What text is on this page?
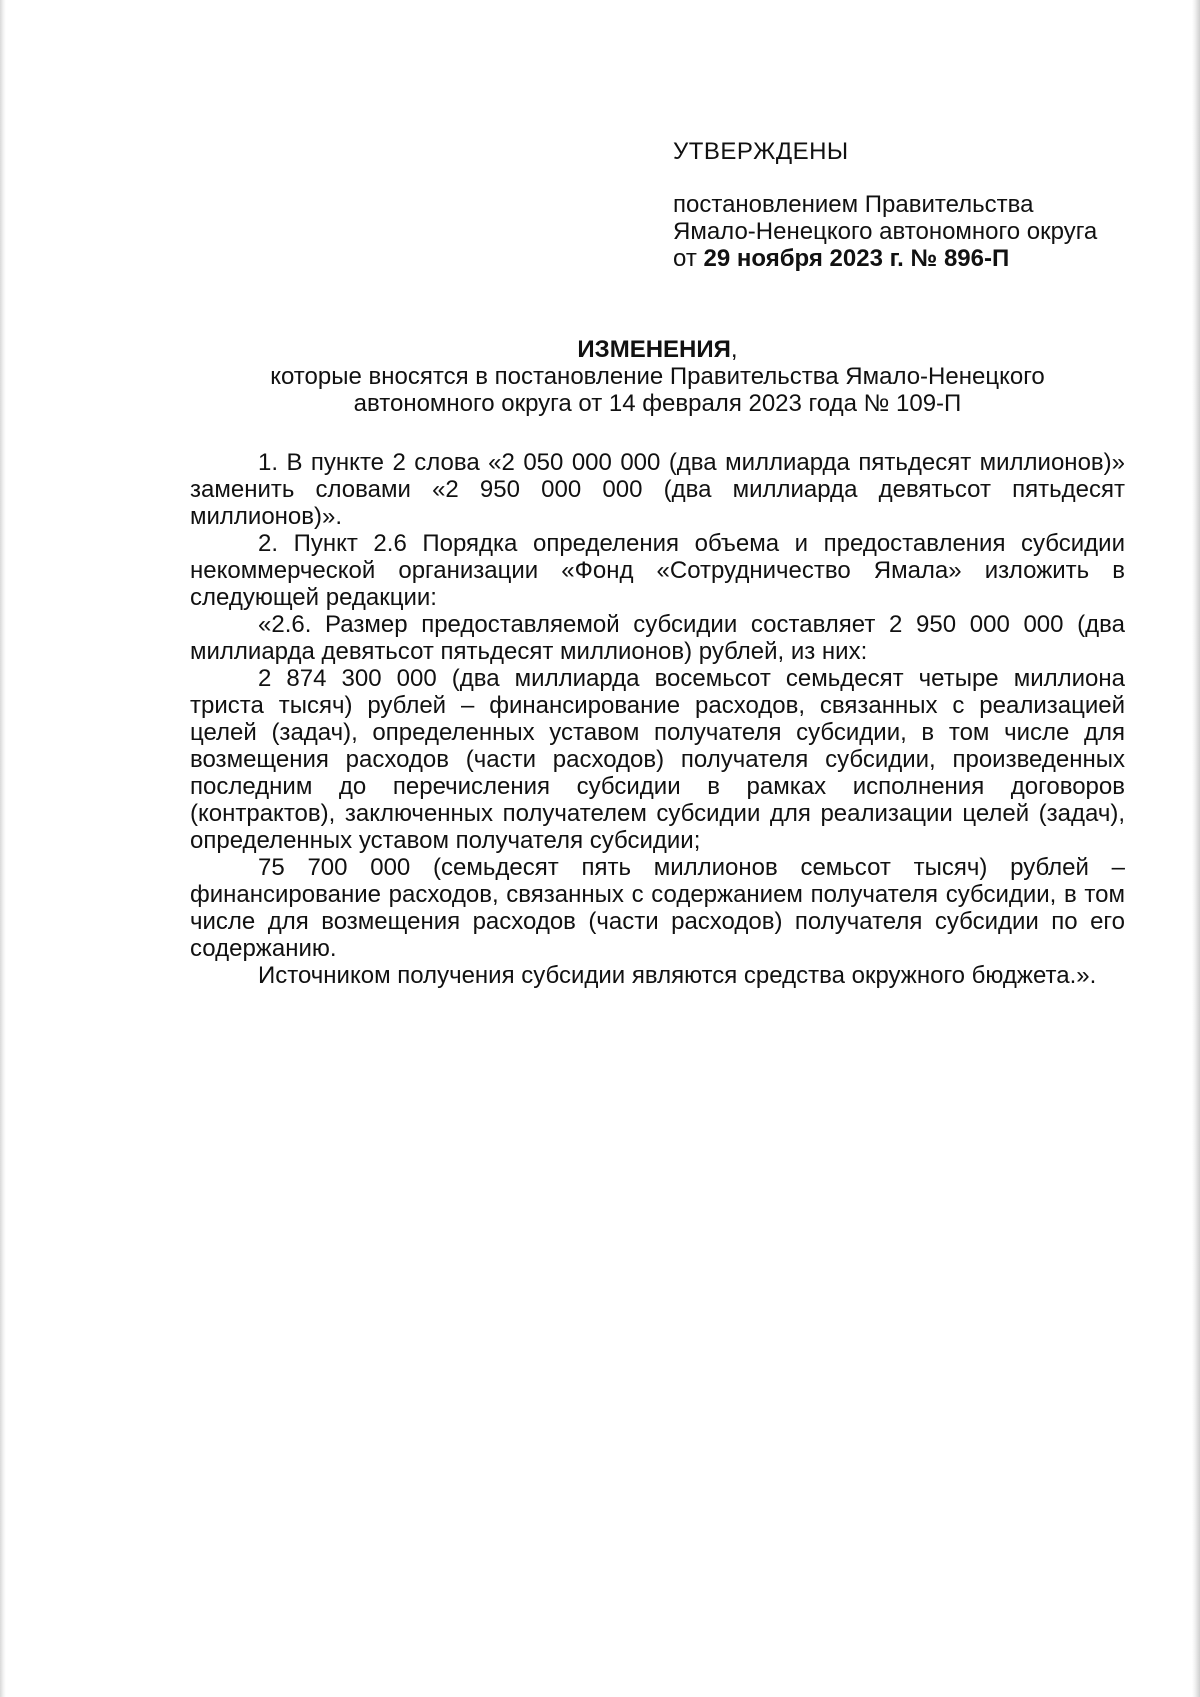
УТВЕРЖДЕНЫ
постановлением Правительства
Ямало-Ненецкого автономного округа
от 29 ноября 2023 г. № 896-П
ИЗМЕНЕНИЯ,
которые вносятся в постановление Правительства Ямало-Ненецкого
автономного округа от 14 февраля 2023 года № 109-П

1. В пункте 2 слова «2 050 000 000 (два миллиарда пятьдесят миллионов)» заменить словами «2 950 000 000 (два миллиарда девятьсот пятьдесят миллионов)».

2. Пункт 2.6 Порядка определения объема и предоставления субсидии некоммерческой организации «Фонд «Сотрудничество Ямала» изложить в следующей редакции:

«2.6. Размер предоставляемой субсидии составляет 2 950 000 000 (два миллиарда девятьсот пятьдесят миллионов) рублей, из них:

2 874 300 000 (два миллиарда восемьсот семьдесят четыре миллиона триста тысяч) рублей – финансирование расходов, связанных с реализацией целей (задач), определенных уставом получателя субсидии, в том числе для возмещения расходов (части расходов) получателя субсидии, произведенных последним до перечисления субсидии в рамках исполнения договоров (контрактов), заключенных получателем субсидии для реализации целей (задач), определенных уставом получателя субсидии;

75 700 000 (семьдесят пять миллионов семьсот тысяч) рублей – финансирование расходов, связанных с содержанием получателя субсидии, в том числе для возмещения расходов (части расходов) получателя субсидии по его содержанию.

Источником получения субсидии являются средства окружного бюджета.».
